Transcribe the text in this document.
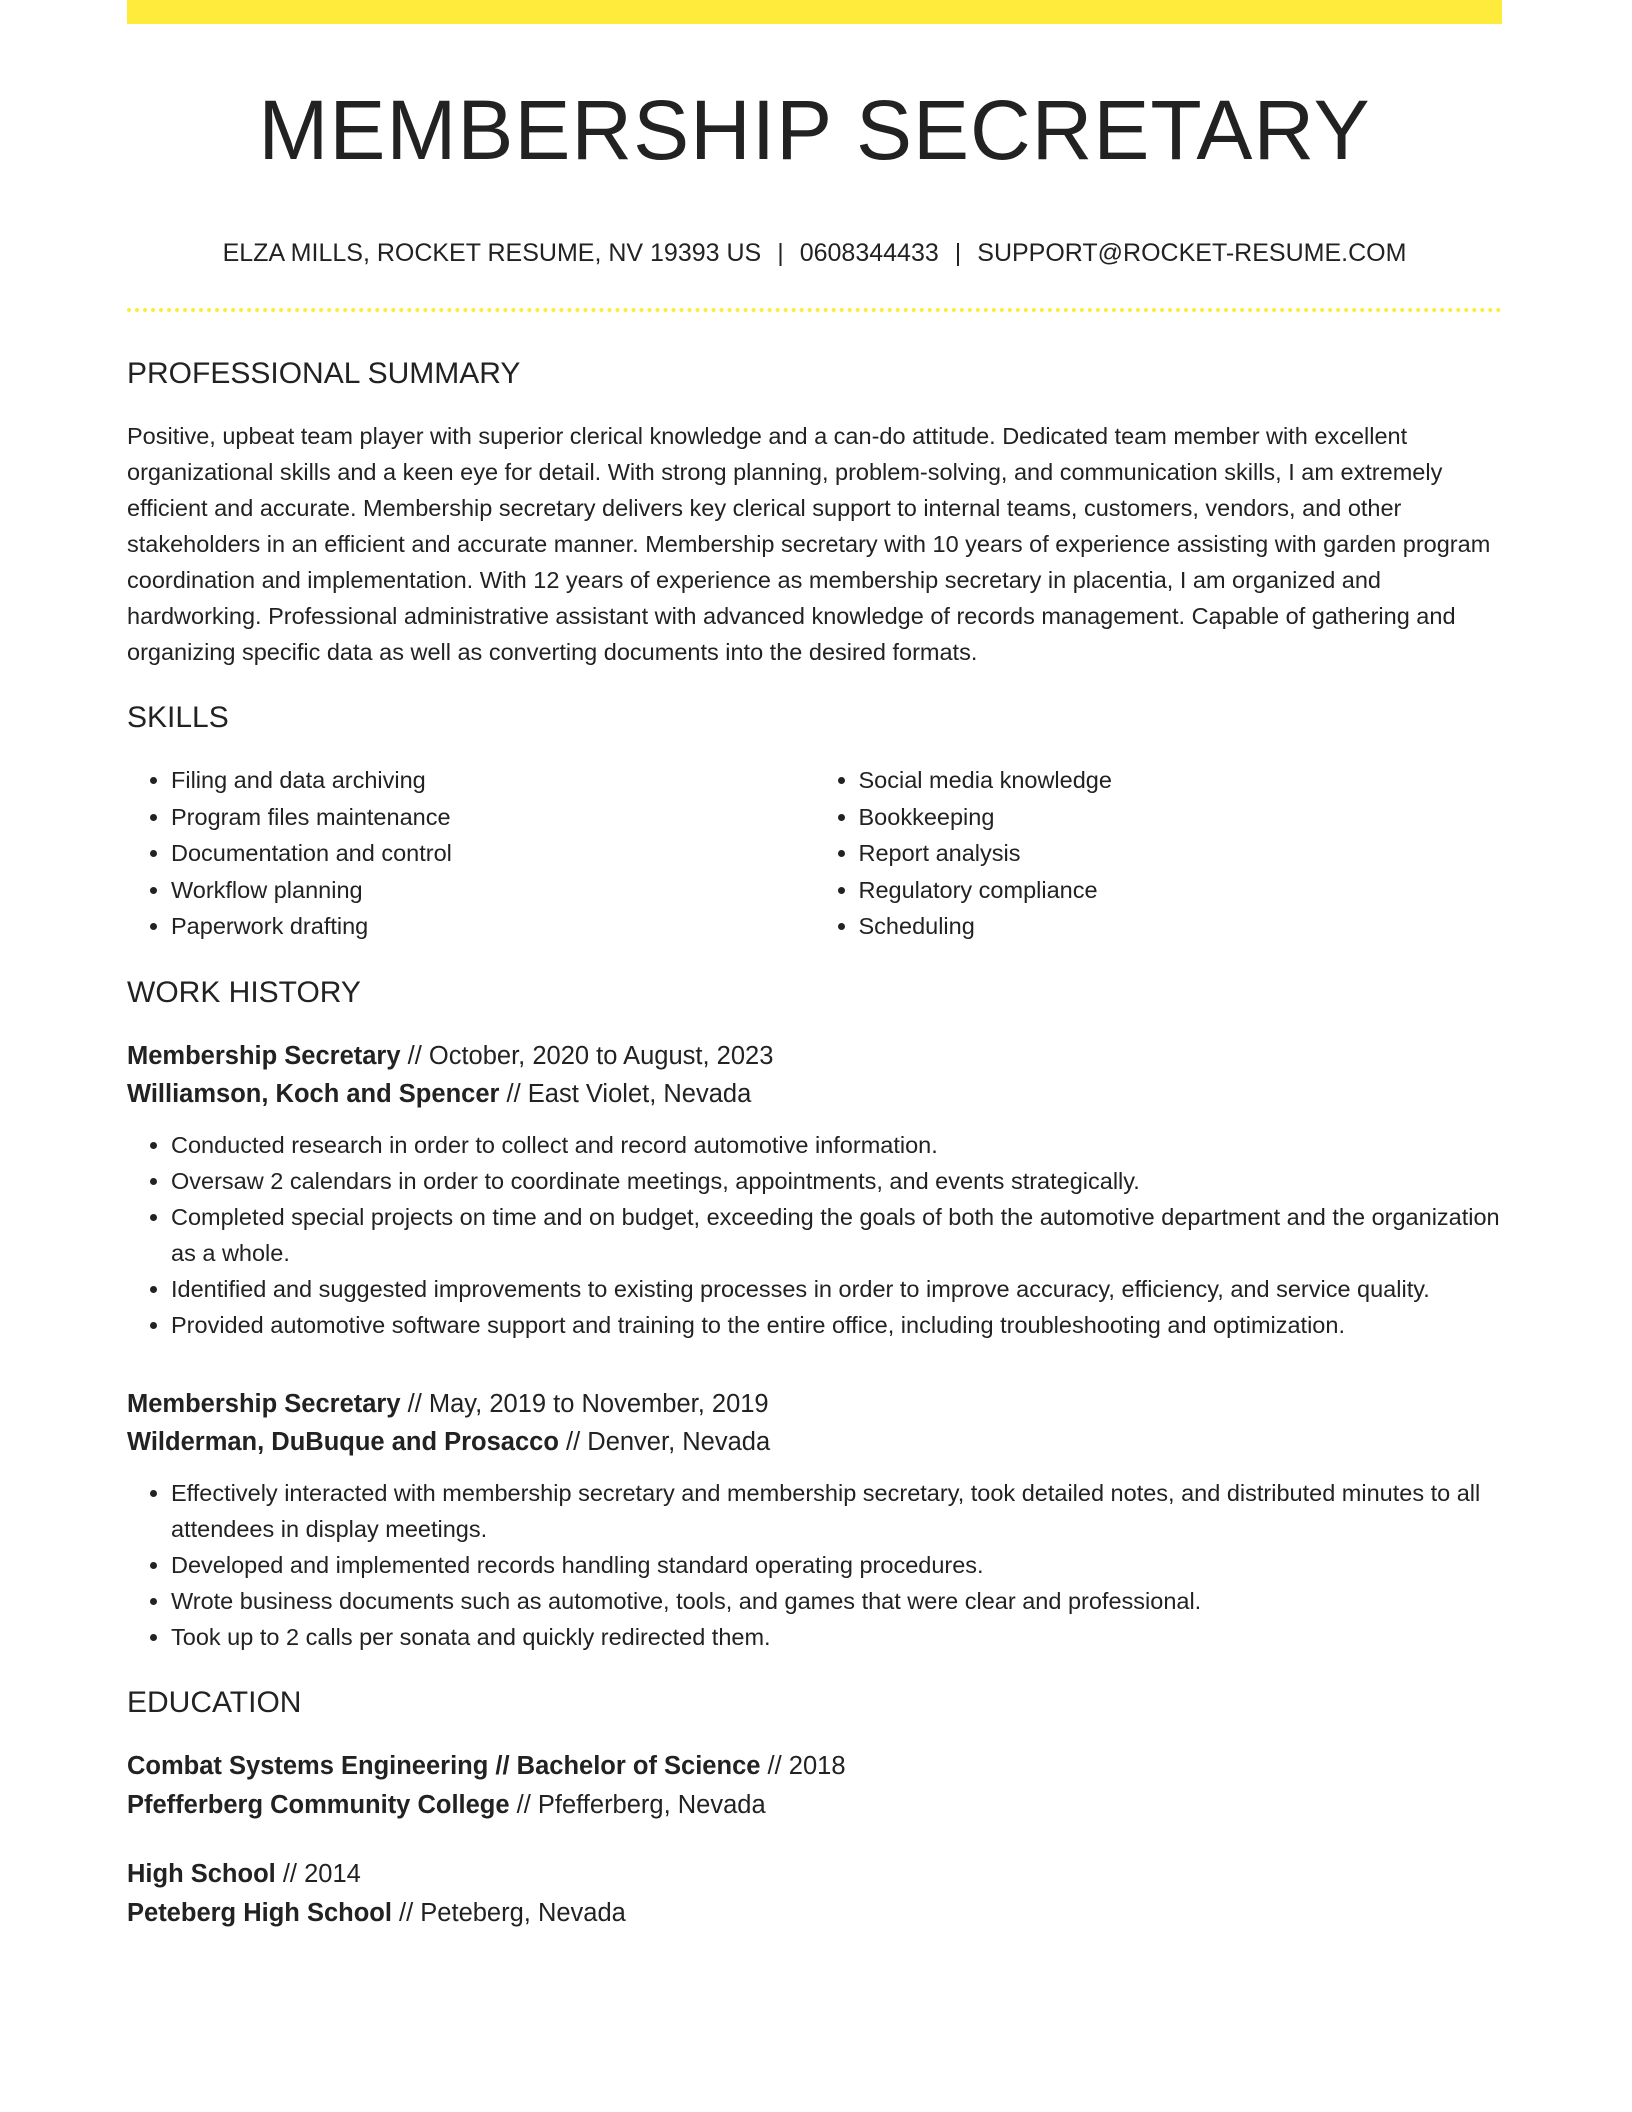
MEMBERSHIP SECRETARY
ELZA MILLS, ROCKET RESUME, NV 19393 US | 0608344433 | SUPPORT@ROCKET-RESUME.COM
PROFESSIONAL SUMMARY

Positive, upbeat team player with superior clerical knowledge and a can-do attitude. Dedicated team member with excellent organizational skills and a keen eye for detail. With strong planning, problem-solving, and communication skills, I am extremely efficient and accurate. Membership secretary delivers key clerical support to internal teams, customers, vendors, and other stakeholders in an efficient and accurate manner. Membership secretary with 10 years of experience assisting with garden program coordination and implementation. With 12 years of experience as membership secretary in placentia, I am organized and hardworking. Professional administrative assistant with advanced knowledge of records management. Capable of gathering and organizing specific data as well as converting documents into the desired formats.

SKILLS
• Filing and data archiving
• Program files maintenance
• Documentation and control
• Workflow planning
• Paperwork drafting
• Social media knowledge
• Bookkeeping
• Report analysis
• Regulatory compliance
• Scheduling
WORK HISTORY
Membership Secretary // October, 2020 to August, 2023
Williamson, Koch and Spencer // East Violet, Nevada
• Conducted research in order to collect and record automotive information.
• Oversaw 2 calendars in order to coordinate meetings, appointments, and events strategically.
• Completed special projects on time and on budget, exceeding the goals of both the automotive department and the organization as a whole.
• Identified and suggested improvements to existing processes in order to improve accuracy, efficiency, and service quality.
• Provided automotive software support and training to the entire office, including troubleshooting and optimization.
Membership Secretary // May, 2019 to November, 2019
Wilderman, DuBuque and Prosacco // Denver, Nevada
• Effectively interacted with membership secretary and membership secretary, took detailed notes, and distributed minutes to all attendees in display meetings.
• Developed and implemented records handling standard operating procedures.
• Wrote business documents such as automotive, tools, and games that were clear and professional.
• Took up to 2 calls per sonata and quickly redirected them.
EDUCATION
Combat Systems Engineering // Bachelor of Science // 2018
Pfefferberg Community College // Pfefferberg, Nevada
High School // 2014
Peteberg High School // Peteberg, Nevada
